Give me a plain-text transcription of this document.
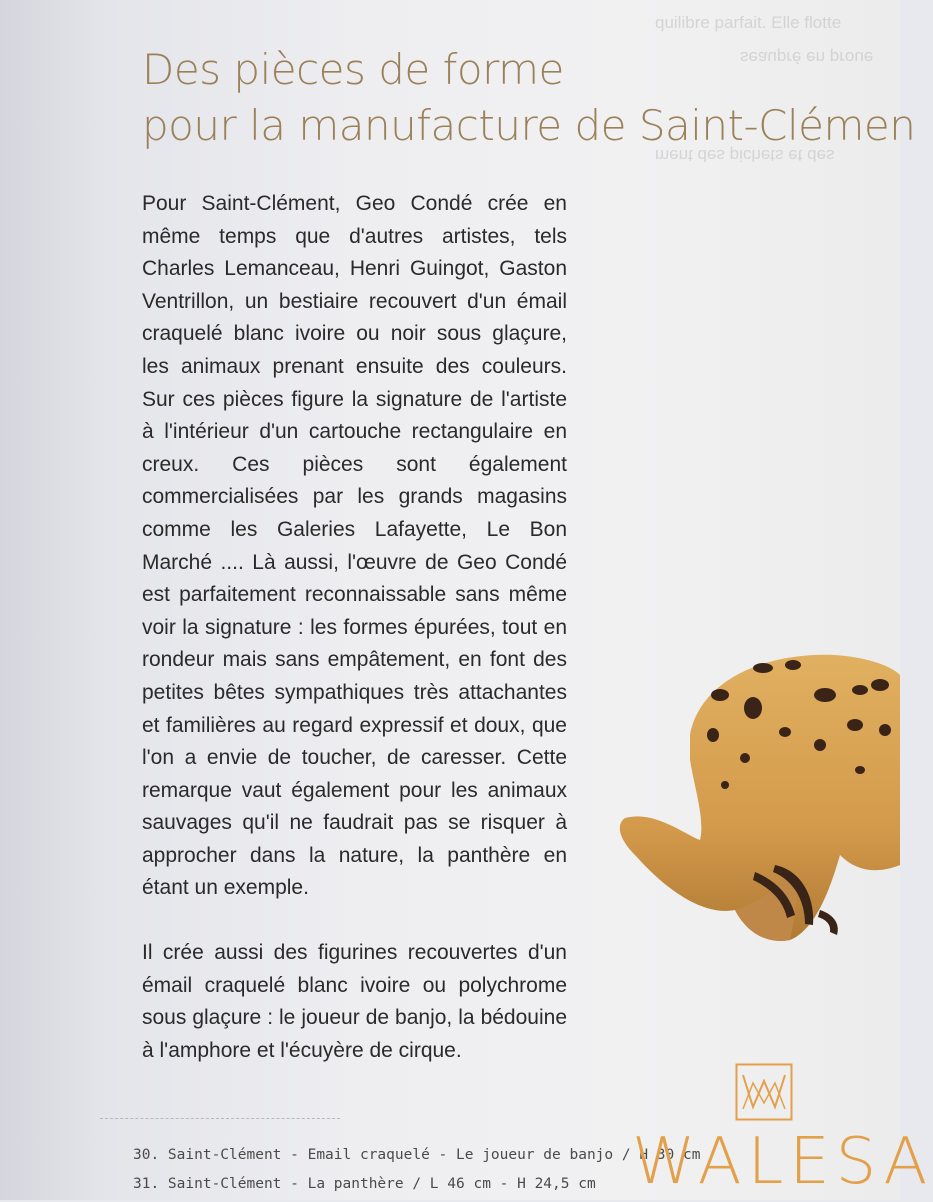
quilibre parfait. Elle flotte
seaupré en proue
ment des pichets et des
Des pièces de forme
pour la manufacture de Saint-Clémen

Pour Saint-Clément, Geo Condé crée en même temps que d'autres artistes, tels Charles Lemanceau, Henri Guingot, Gaston Ventrillon, un bestiaire recouvert d'un émail craquelé blanc ivoire ou noir sous glaçure, les animaux prenant ensuite des couleurs. Sur ces pièces figure la signature de l'artiste à l'intérieur d'un cartouche rectangulaire en creux. Ces pièces sont également commercialisées par les grands magasins comme les Galeries Lafayette, Le Bon Marché .... Là aussi, l'œuvre de Geo Condé est parfaitement reconnaissable sans même voir la signature : les formes épurées, tout en rondeur mais sans empâtement, en font des petites bêtes sympathiques très attachantes et familières au regard expressif et doux, que l'on a envie de toucher, de caresser. Cette remarque vaut également pour les animaux sauvages qu'il ne faudrait pas se risquer à approcher dans la nature, la panthère en étant un exemple.

Il crée aussi des figurines recouvertes d'un émail craquelé blanc ivoire ou polychrome sous glaçure : le joueur de banjo, la bédouine à l'amphore et l'écuyère de cirque.

30. Saint-Clément - Email craquelé - Le joueur de banjo / H 30 cm
31. Saint-Clément - La panthère / L 46 cm - H 24,5 cm WALESA
